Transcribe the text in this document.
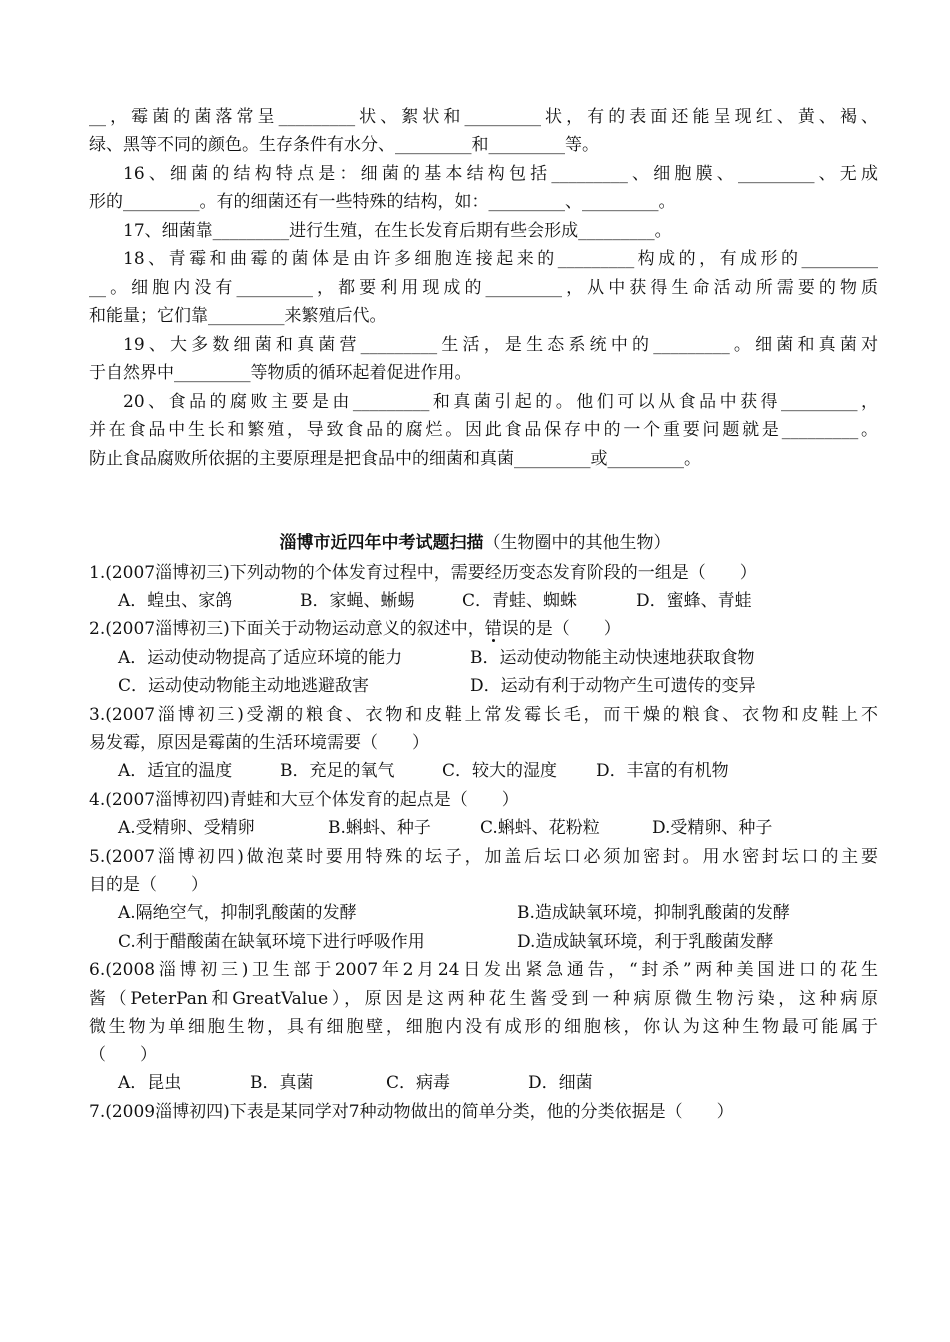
__，霉菌的菌落常呈_________状、絮状和_________状，有的表面还能呈现红、黄、褐、
绿、黑等不同的颜色。生存条件有水分、_________和_________等。
16、细菌的结构特点是：细菌的基本结构包括_________、细胞膜、_________、无成
形的_________。有的细菌还有一些特殊的结构，如：_________、_________。
17、细菌靠_________进行生殖，在生长发育后期有些会形成_________。
18、青霉和曲霉的菌体是由许多细胞连接起来的_________构成的，有成形的_________
__。细胞内没有_________，都要利用现成的_________，从中获得生命活动所需要的物质
和能量；它们靠_________来繁殖后代。
19、大多数细菌和真菌营_________生活，是生态系统中的_________。细菌和真菌对
于自然界中_________等物质的循环起着促进作用。
20、食品的腐败主要是由_________和真菌引起的。他们可以从食品中获得_________，
并在食品中生长和繁殖，导致食品的腐烂。因此食品保存中的一个重要问题就是_________。
防止食品腐败所依据的主要原理是把食品中的细菌和真菌_________或_________。
淄博市近四年中考试题扫描（生物圈中的其他生物）
1.(2007淄博初三)下列动物的个体发育过程中，需要经历变态发育阶段的一组是（　　）
A．蝗虫、家鸽	B．家蝇、蜥蜴	C．青蛙、蜘蛛	D．蜜蜂、青蛙
2.(2007淄博初三)下面关于动物运动意义的叙述中，错误的是（　　）
A．运动使动物提高了适应环境的能力	B．运动使动物能主动快速地获取食物
C．运动使动物能主动地逃避敌害	D．运动有利于动物产生可遗传的变异
3.(2007淄博初三)受潮的粮食、衣物和皮鞋上常发霉长毛，而干燥的粮食、衣物和皮鞋上不
易发霉，原因是霉菌的生活环境需要（　　）
A．适宜的温度	B．充足的氧气	C．较大的湿度 D．丰富的有机物
4.(2007淄博初四)青蛙和大豆个体发育的起点是（　　）
A.受精卵、受精卵	B.蝌蚪、种子	C.蝌蚪、花粉粒	D.受精卵、种子
5.(2007淄博初四)做泡菜时要用特殊的坛子，加盖后坛口必须加密封。用水密封坛口的主要
目的是（　　）
A.隔绝空气，抑制乳酸菌的发酵	B.造成缺氧环境，抑制乳酸菌的发酵
C.利于醋酸菌在缺氧环境下进行呼吸作用	D.造成缺氧环境，利于乳酸菌发酵
6.(2008淄博初三)卫生部于2007年2月24日发出紧急通告，“封杀”两种美国进口的花生
酱（PeterPan和GreatValue），原因是这两种花生酱受到一种病原微生物污染，这种病原
微生物为单细胞生物，具有细胞壁，细胞内没有成形的细胞核，你认为这种生物最可能属于
（　　）
A．昆虫	B．真菌	C．病毒	D．细菌
7.(2009淄博初四)下表是某同学对7种动物做出的简单分类，他的分类依据是（　　）
